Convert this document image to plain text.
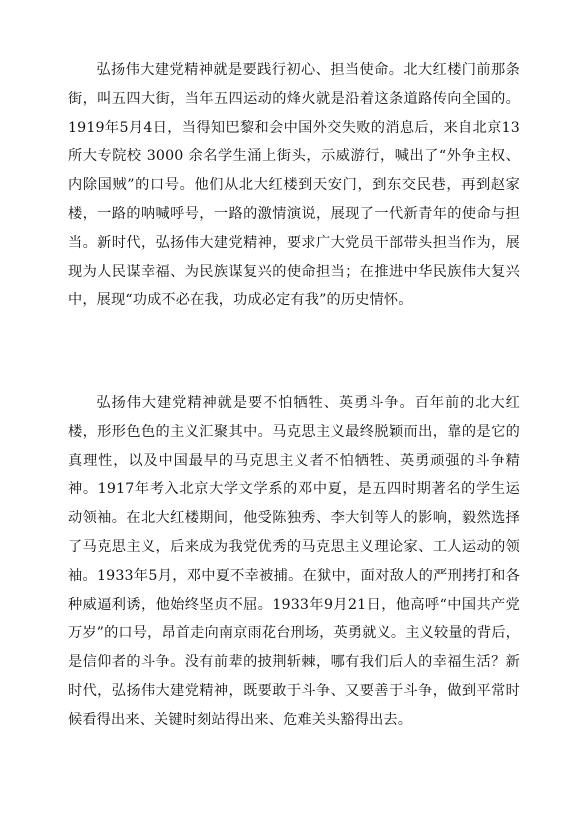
弘扬伟大建党精神就是要践行初心、担当使命。北大红楼门前那条街，叫五四大街，当年五四运动的烽火就是沿着这条道路传向全国的。1919年5月4日，当得知巴黎和会中国外交失败的消息后，来自北京13所大专院校 3000 余名学生涌上街头，示威游行，喊出了“外争主权、内除国贼”的口号。他们从北大红楼到天安门，到东交民巷，再到赵家楼，一路的呐喊呼号，一路的激情演说，展现了一代新青年的使命与担当。新时代，弘扬伟大建党精神，要求广大党员干部带头担当作为，展现为人民谋幸福、为民族谋复兴的使命担当；在推进中华民族伟大复兴中，展现“功成不必在我，功成必定有我”的历史情怀。

弘扬伟大建党精神就是要不怕牺牲、英勇斗争。百年前的北大红楼，形形色色的主义汇聚其中。马克思主义最终脱颖而出，靠的是它的真理性，以及中国最早的马克思主义者不怕牺牲、英勇顽强的斗争精神。1917年考入北京大学文学系的邓中夏，是五四时期著名的学生运动领袖。在北大红楼期间，他受陈独秀、李大钊等人的影响，毅然选择了马克思主义，后来成为我党优秀的马克思主义理论家、工人运动的领袖。1933年5月，邓中夏不幸被捕。在狱中，面对敌人的严刑拷打和各种威逼利诱，他始终坚贞不屈。1933年9月21日，他高呼“中国共产党万岁”的口号，昂首走向南京雨花台刑场，英勇就义。主义较量的背后，是信仰者的斗争。没有前辈的披荆斩棘，哪有我们后人的幸福生活？新时代，弘扬伟大建党精神，既要敢于斗争、又要善于斗争，做到平常时候看得出来、关键时刻站得出来、危难关头豁得出去。
